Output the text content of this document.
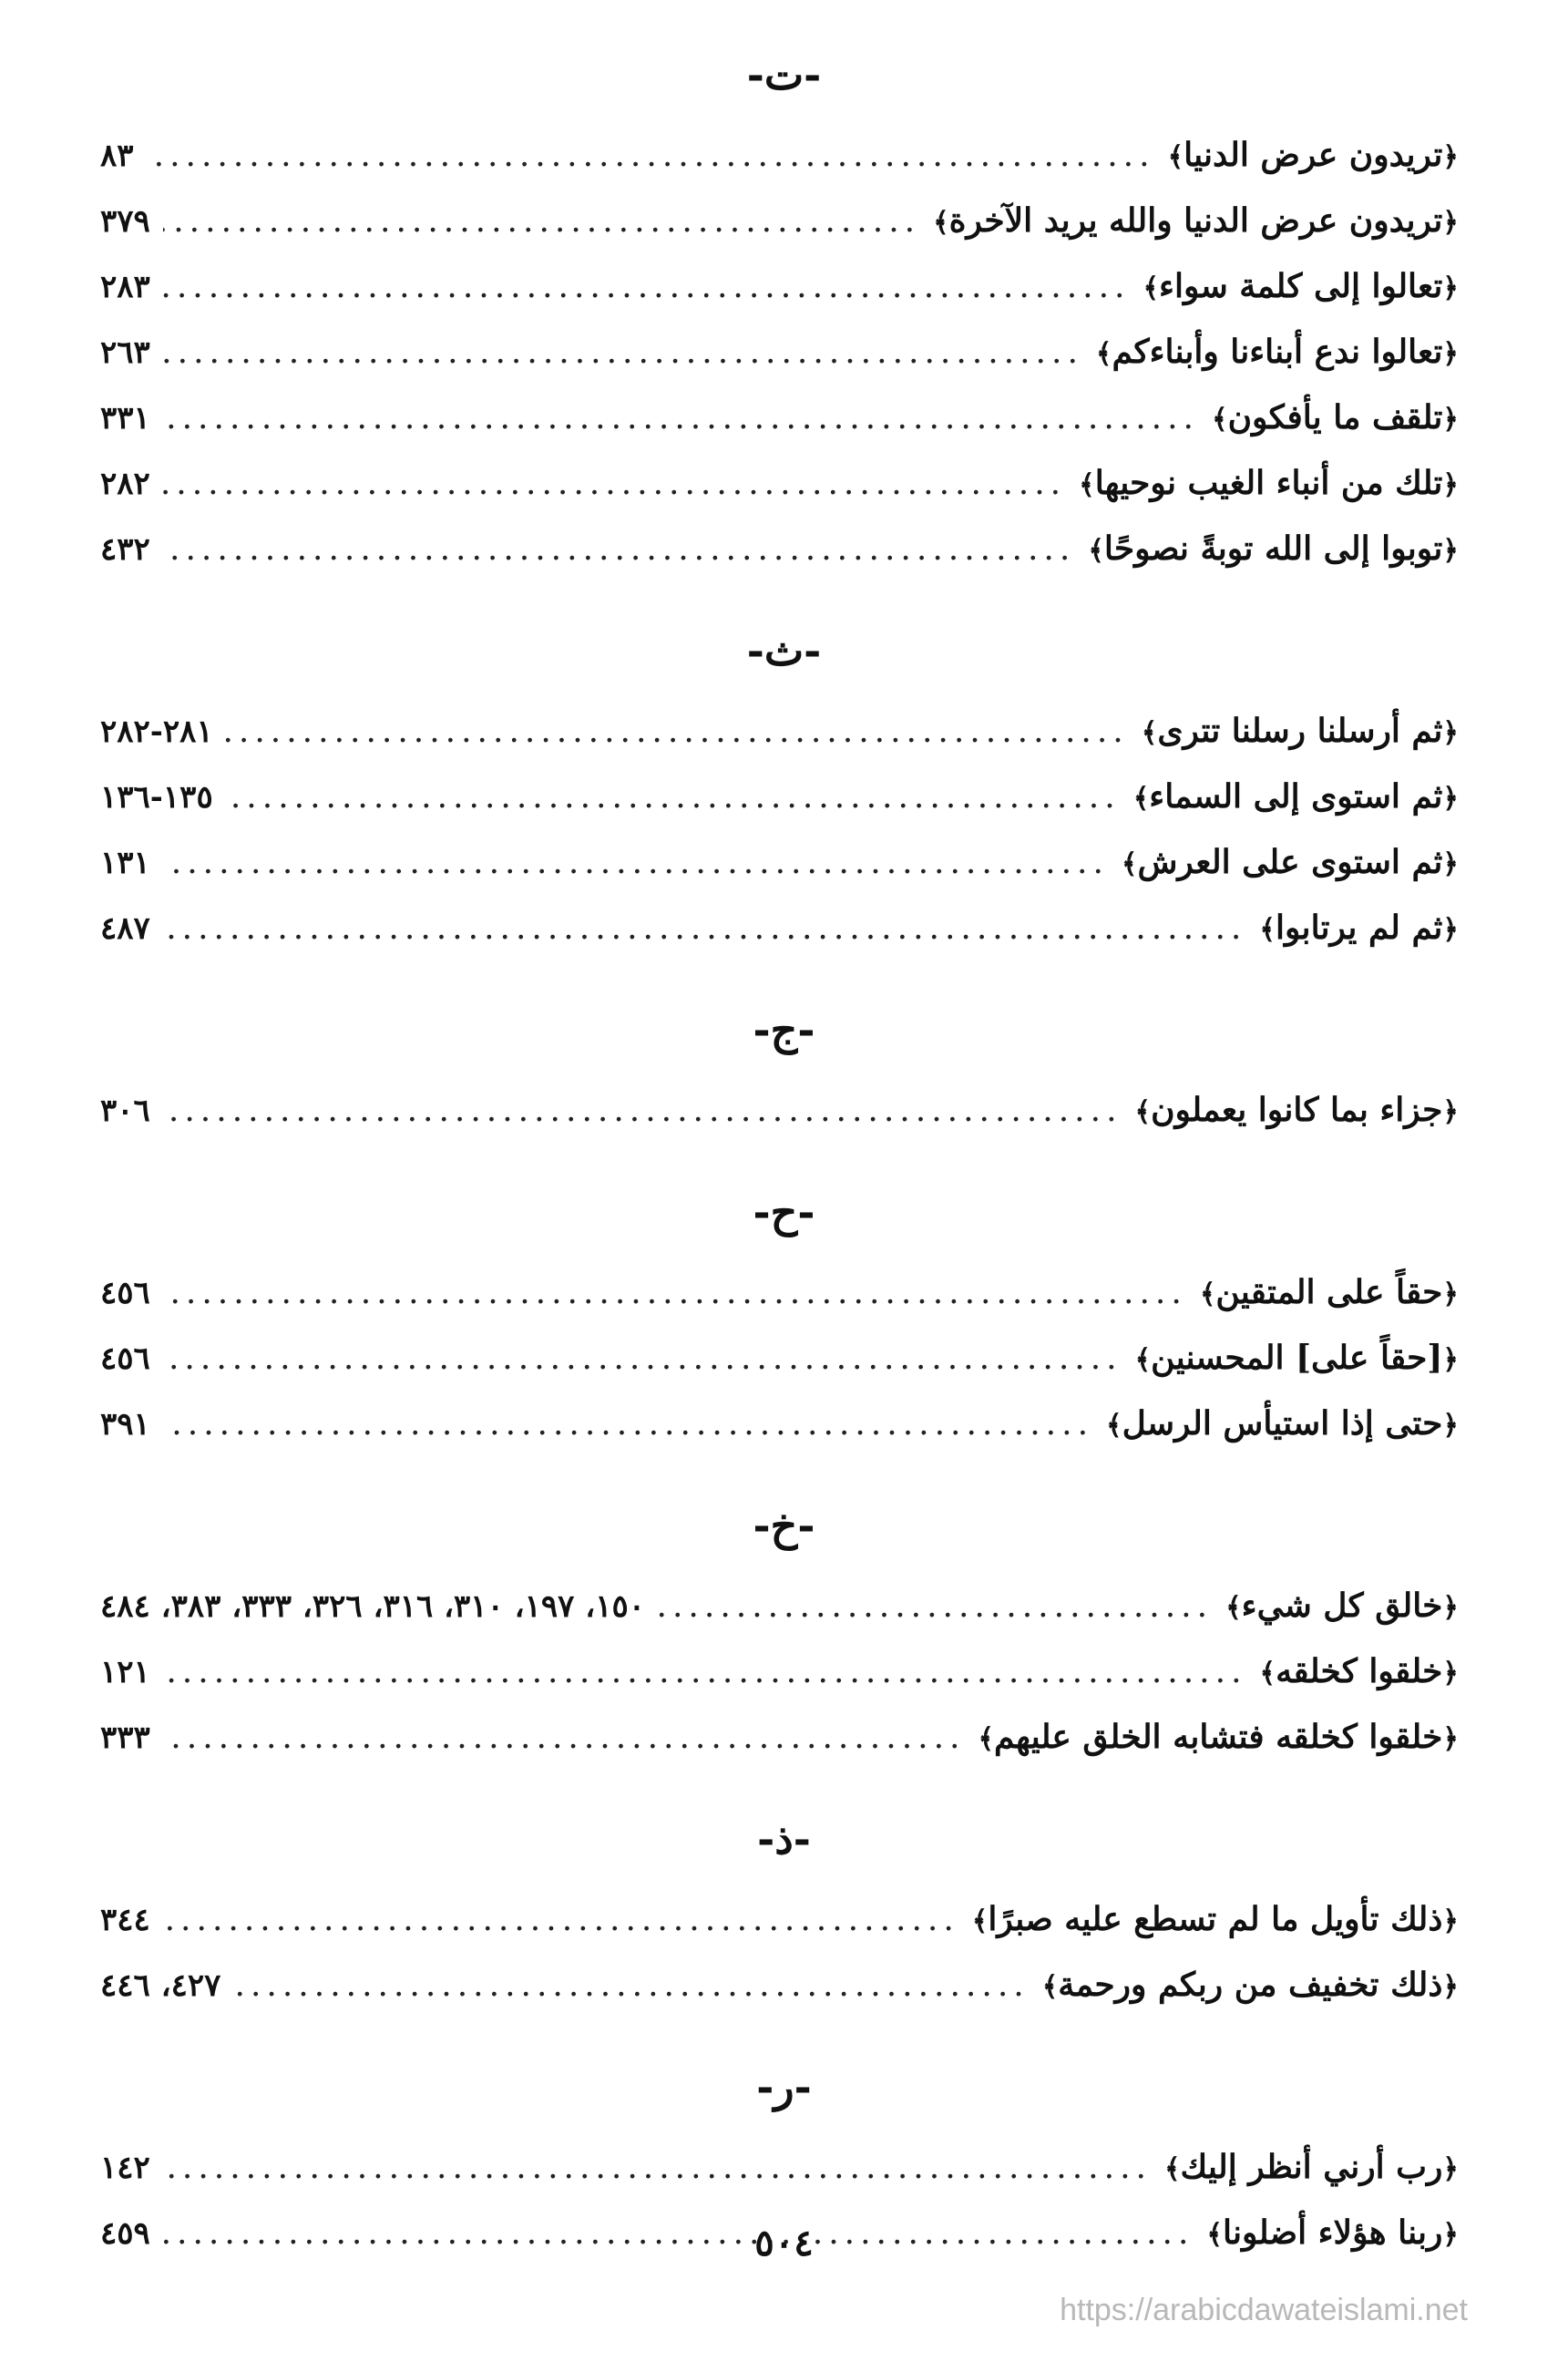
-ت-
﴿تريدون عرض الدنيا﴾
.....
٨٣
﴿تريدون عرض الدنيا والله يريد الآخرة﴾
.....
٣٧٩
﴿تعالوا إلى كلمة سواء﴾
.....
٢٨٣
﴿تعالوا ندع أبناءنا وأبناءكم﴾
.....
٢٦٣
﴿تلقف ما يأفكون﴾
.....
٣٣١
﴿تلك من أنباء الغيب نوحيها﴾
.....
٢٨٢
﴿توبوا إلى الله توبةً نصوحًا﴾
.....
٤٣٢
-ث-
﴿ثم أرسلنا رسلنا تترى﴾
.....
٢٨١-٢٨٢
﴿ثم استوى إلى السماء﴾
.....
١٣٥-١٣٦
﴿ثم استوى على العرش﴾
.....
١٣١
﴿ثم لم يرتابوا﴾
.....
٤٨٧
-ج-
﴿جزاء بما كانوا يعملون﴾
.....
٣٠٦
-ح-
﴿حقاً على المتقين﴾
.....
٤٥٦
﴿[حقاً على] المحسنين﴾
.....
٤٥٦
﴿حتى إذا استيأس الرسل﴾
.....
٣٩١
-خ-
﴿خالق كل شيء﴾
.....
١٥٠، ١٩٧، ٣١٠، ٣١٦، ٣٢٦، ٣٣٣، ٣٨٣، ٤٨٤
﴿خلقوا كخلقه﴾
.....
١٢١
﴿خلقوا كخلقه فتشابه الخلق عليهم﴾
.....
٣٣٣
-ذ-
﴿ذلك تأويل ما لم تسطع عليه صبرًا﴾
.....
٣٤٤
﴿ذلك تخفيف من ربكم ورحمة﴾
.....
٤٢٧، ٤٤٦
-ر-
﴿رب أرني أنظر إليك﴾
.....
١٤٢
﴿ربنا هؤلاء أضلونا﴾
.....
٤٥٩	٥٠٤
https://arabicdawateislami.net
